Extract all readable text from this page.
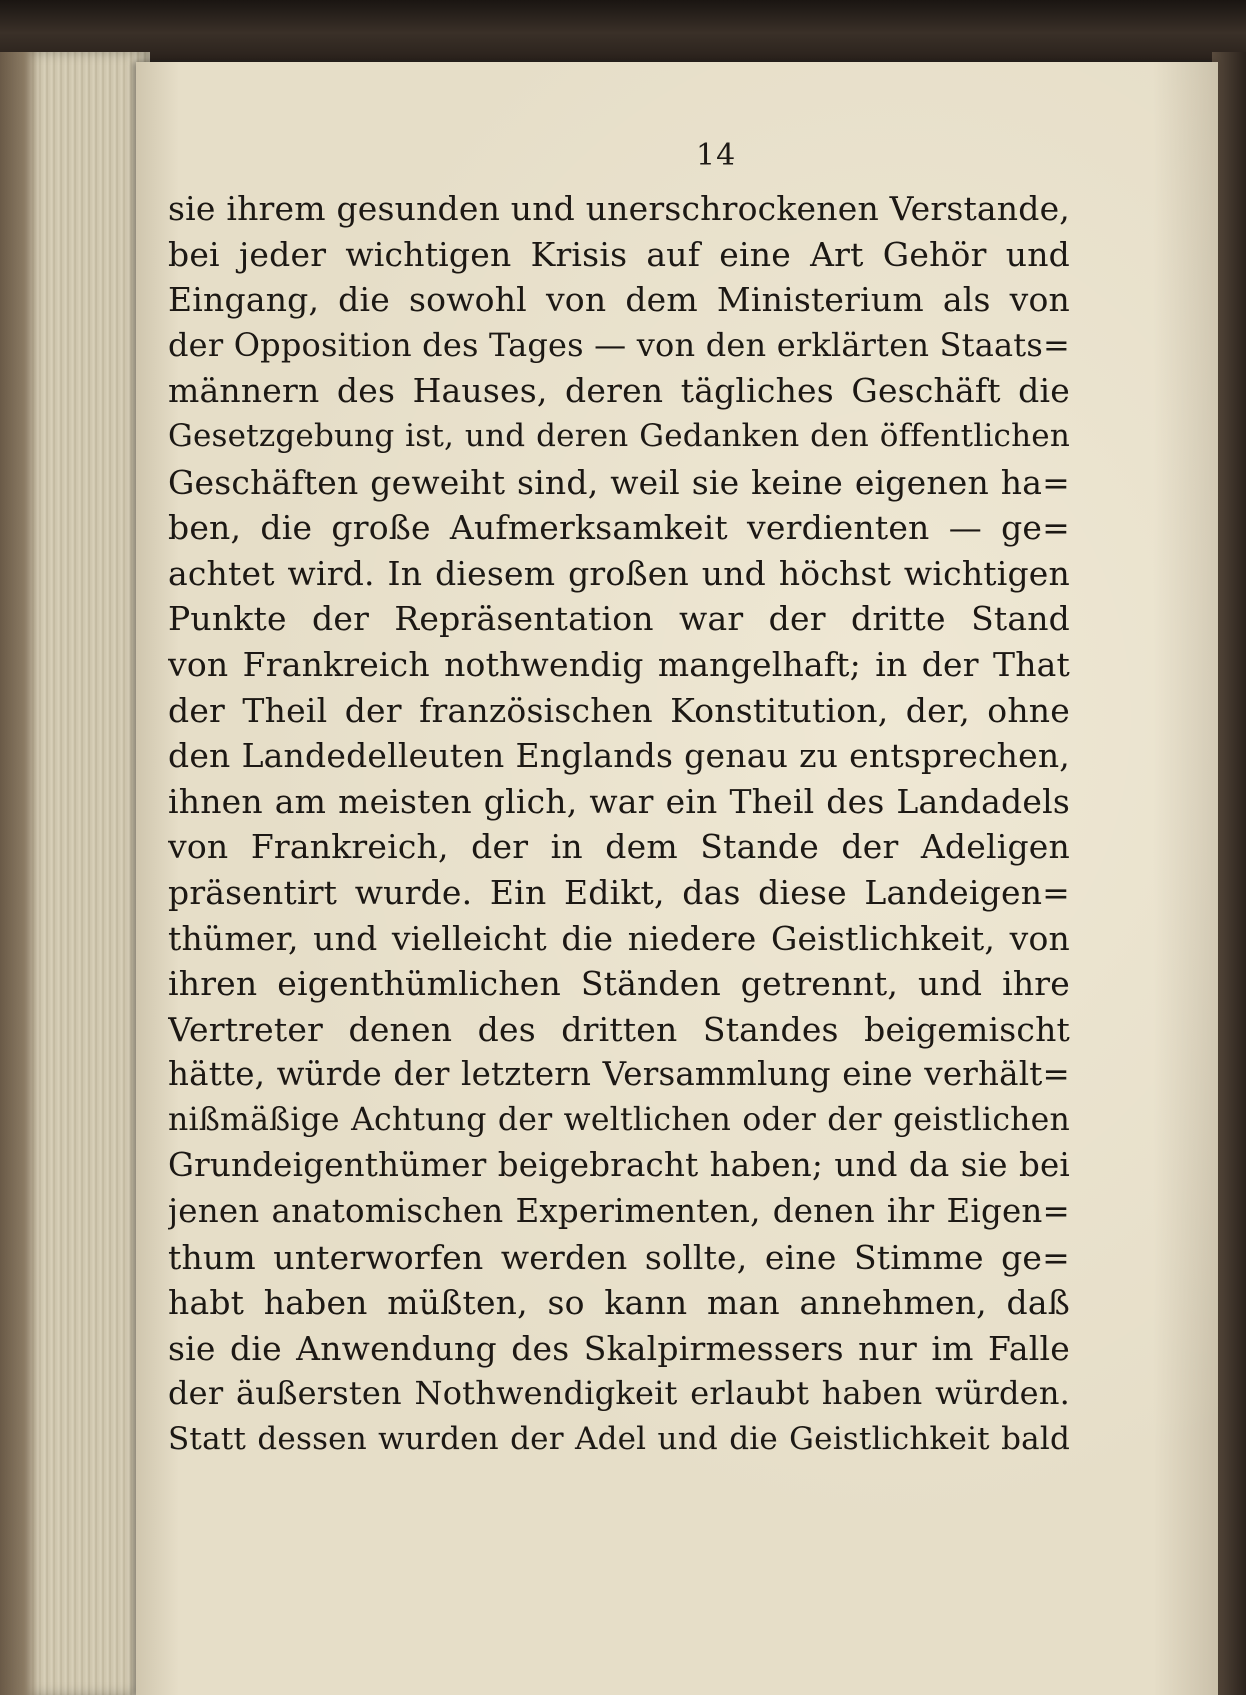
14
sie ihrem gesunden und unerschrockenen Verstande,
bei jeder wichtigen Krisis auf eine Art Gehör und
Eingang, die sowohl von dem Ministerium als von
der Opposition des Tages — von den erklärten Staats=
männern des Hauses, deren tägliches Geschäft die
Gesetzgebung ist, und deren Gedanken den öffentlichen
Geschäften geweiht sind, weil sie keine eigenen ha=
ben, die große Aufmerksamkeit verdienten — ge=
achtet wird. In diesem großen und höchst wichtigen
Punkte der Repräsentation war der dritte Stand
von Frankreich nothwendig mangelhaft; in der That
der Theil der französischen Konstitution, der, ohne
den Landedelleuten Englands genau zu entsprechen,
ihnen am meisten glich, war ein Theil des Landadels
von Frankreich, der in dem Stande der Adeligen
präsentirt wurde. Ein Edikt, das diese Landeigen=
thümer, und vielleicht die niedere Geistlichkeit, von
ihren eigenthümlichen Ständen getrennt, und ihre
Vertreter denen des dritten Standes beigemischt
hätte, würde der letztern Versammlung eine verhält=
nißmäßige Achtung der weltlichen oder der geistlichen
Grundeigenthümer beigebracht haben; und da sie bei
jenen anatomischen Experimenten, denen ihr Eigen=
thum unterworfen werden sollte, eine Stimme ge=
habt haben müßten, so kann man annehmen, daß
sie die Anwendung des Skalpirmessers nur im Falle
der äußersten Nothwendigkeit erlaubt haben würden.
Statt dessen wurden der Adel und die Geistlichkeit bald
